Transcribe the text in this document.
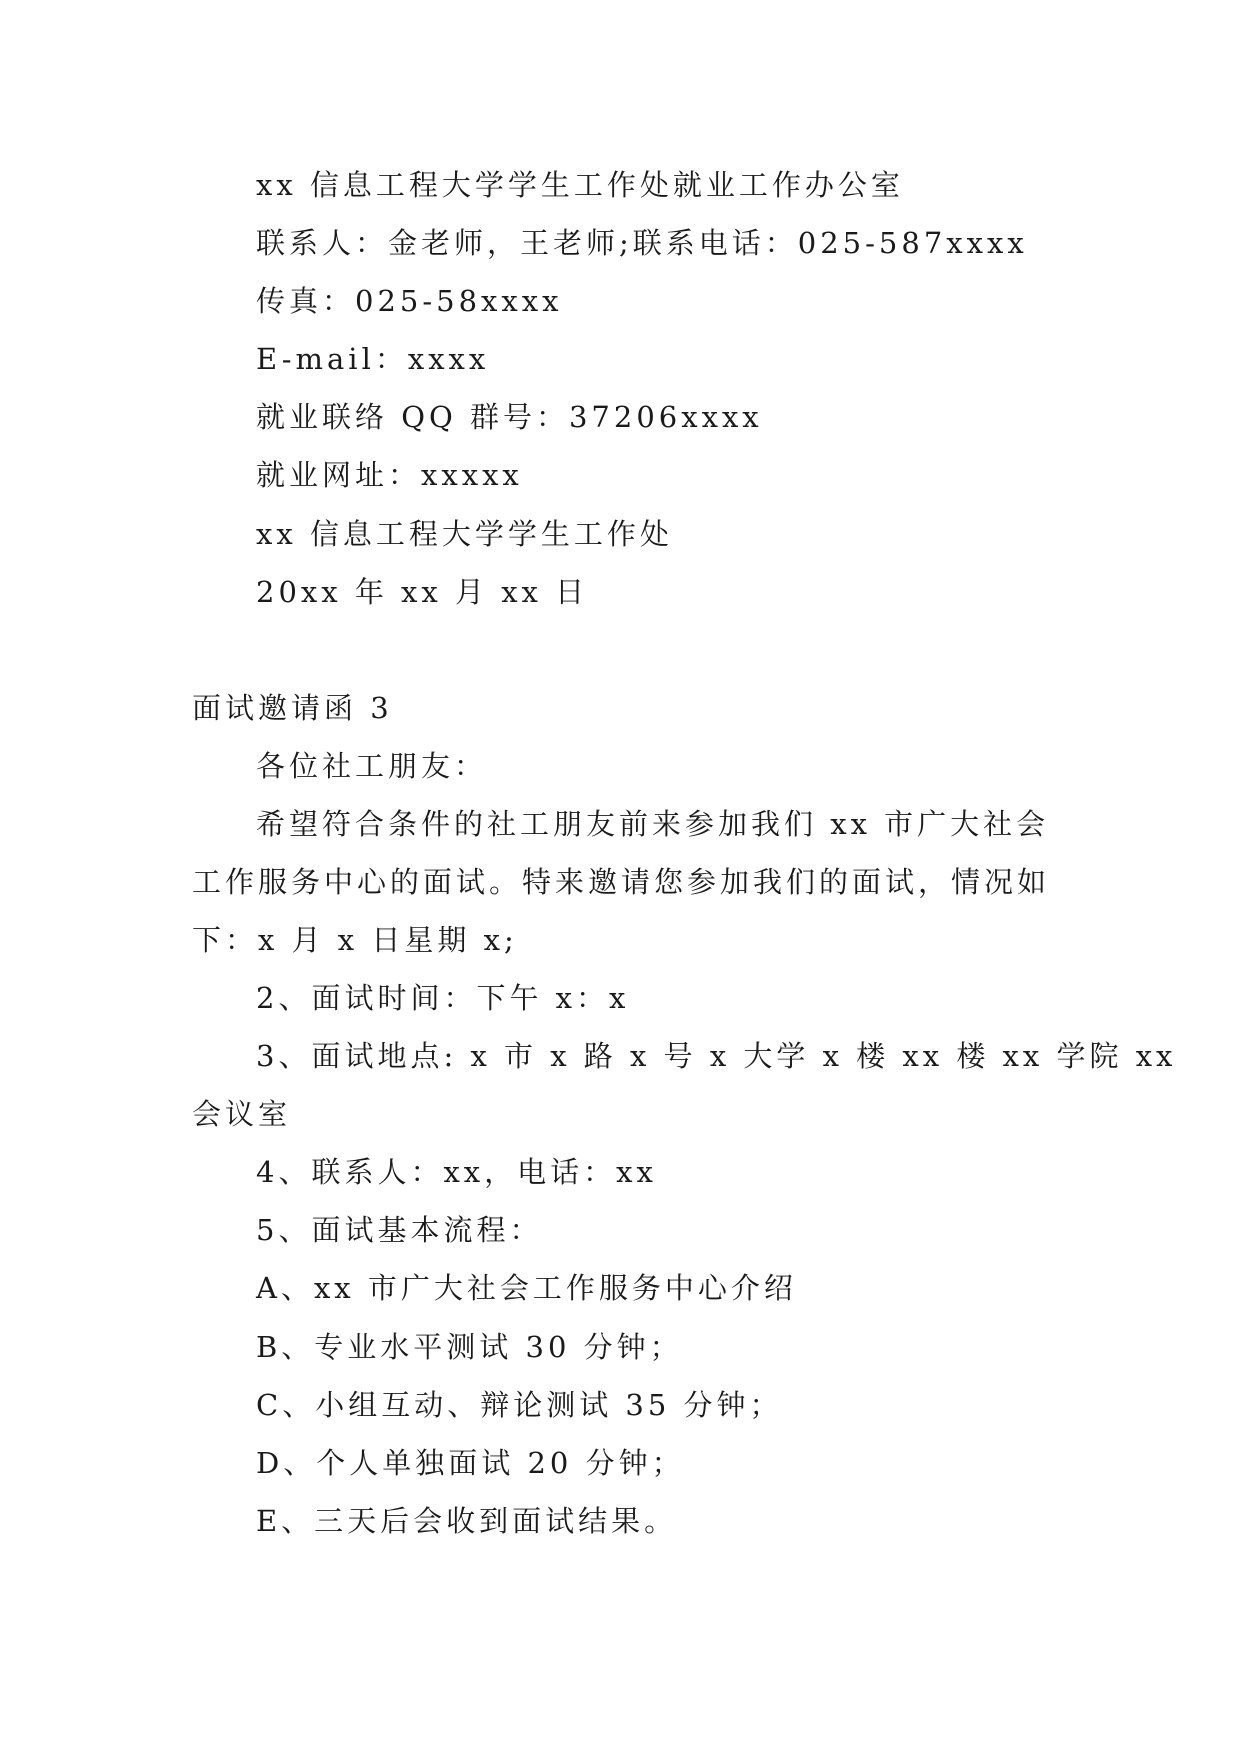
xx 信息工程大学学生工作处就业工作办公室
联系人：金老师，王老师;联系电话：025-587xxxx
传真：025-58xxxx
E-mail：xxxx
就业联络 QQ 群号：37206xxxx
就业网址：xxxxx
xx 信息工程大学学生工作处
20xx 年 xx 月 xx 日
面试邀请函 3
各位社工朋友：
希望符合条件的社工朋友前来参加我们 xx 市广大社会
工作服务中心的面试。特来邀请您参加我们的面试，情况如
下：x 月 x 日星期 x;
2、面试时间：下午 x：x
3、面试地点: x 市 x 路 x 号 x 大学 x 楼 xx 楼 xx 学院 xx
会议室
4、联系人：xx，电话：xx
5、面试基本流程：
A、xx 市广大社会工作服务中心介绍
B、专业水平测试 30 分钟；
C、小组互动、辩论测试 35 分钟；
D、个人单独面试 20 分钟；
E、三天后会收到面试结果。
